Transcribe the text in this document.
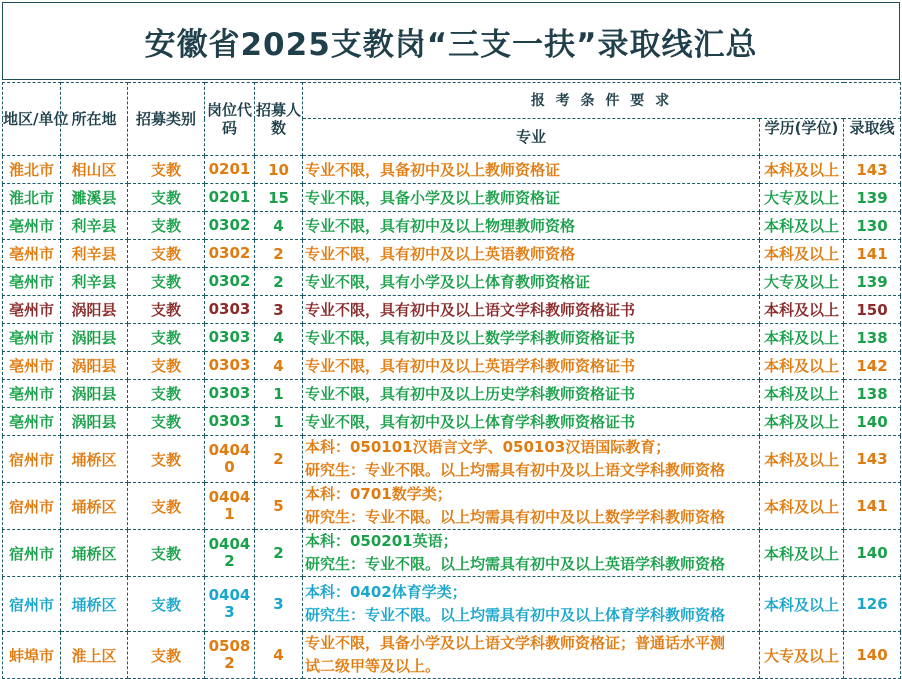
安徽省2025支教岗“三支一扶”录取线汇总
地区/单位	所在地	招募类别	岗位代码	招募人数	报 考 条 件 要 求		
					专业	学历(学位)	录取线
淮北市	相山区	支教	0201	10	专业不限，具备初中及以上教师资格证	本科及以上	143
淮北市	濉溪县	支教	0201	15	专业不限，具备小学及以上教师资格证	大专及以上	139
亳州市	利辛县	支教	0302	4	专业不限，具有初中及以上物理教师资格	本科及以上	130
亳州市	利辛县	支教	0302	2	专业不限，具有初中及以上英语教师资格	本科及以上	141
亳州市	利辛县	支教	0302	2	专业不限，具有小学及以上体育教师资格证	大专及以上	139
亳州市	涡阳县	支教	0303	3	专业不限，具有初中及以上语文学科教师资格证书	本科及以上	150
亳州市	涡阳县	支教	0303	4	专业不限，具有初中及以上数学学科教师资格证书	本科及以上	138
亳州市	涡阳县	支教	0303	4	专业不限，具有初中及以上英语学科教师资格证书	本科及以上	142
亳州市	涡阳县	支教	0303	1	专业不限，具有初中及以上历史学科教师资格证书	本科及以上	138
亳州市	涡阳县	支教	0303	1	专业不限，具有初中及以上体育学科教师资格证书	本科及以上	140
宿州市	埇桥区	支教	0404 0	2	本科：050101汉语言文学、050103汉语国际教育；
研究生：专业不限。以上均需具有初中及以上语文学科教师资格	本科及以上	143
宿州市	埇桥区	支教	0404 1	5	本科：0701数学类；
研究生：专业不限。以上均需具有初中及以上数学学科教师资格	本科及以上	141
宿州市	埇桥区	支教	0404 2	2	本科：050201英语；
研究生：专业不限。以上均需具有初中及以上英语学科教师资格	本科及以上	140
宿州市	埇桥区	支教	0404 3	3	本科：0402体育学类；
研究生：专业不限。以上均需具有初中及以上体育学科教师资格	本科及以上	126
蚌埠市	淮上区	支教	0508 2	4	专业不限，具备小学及以上语文学科教师资格证；普通话水平测
试二级甲等及以上。	大专及以上	140
